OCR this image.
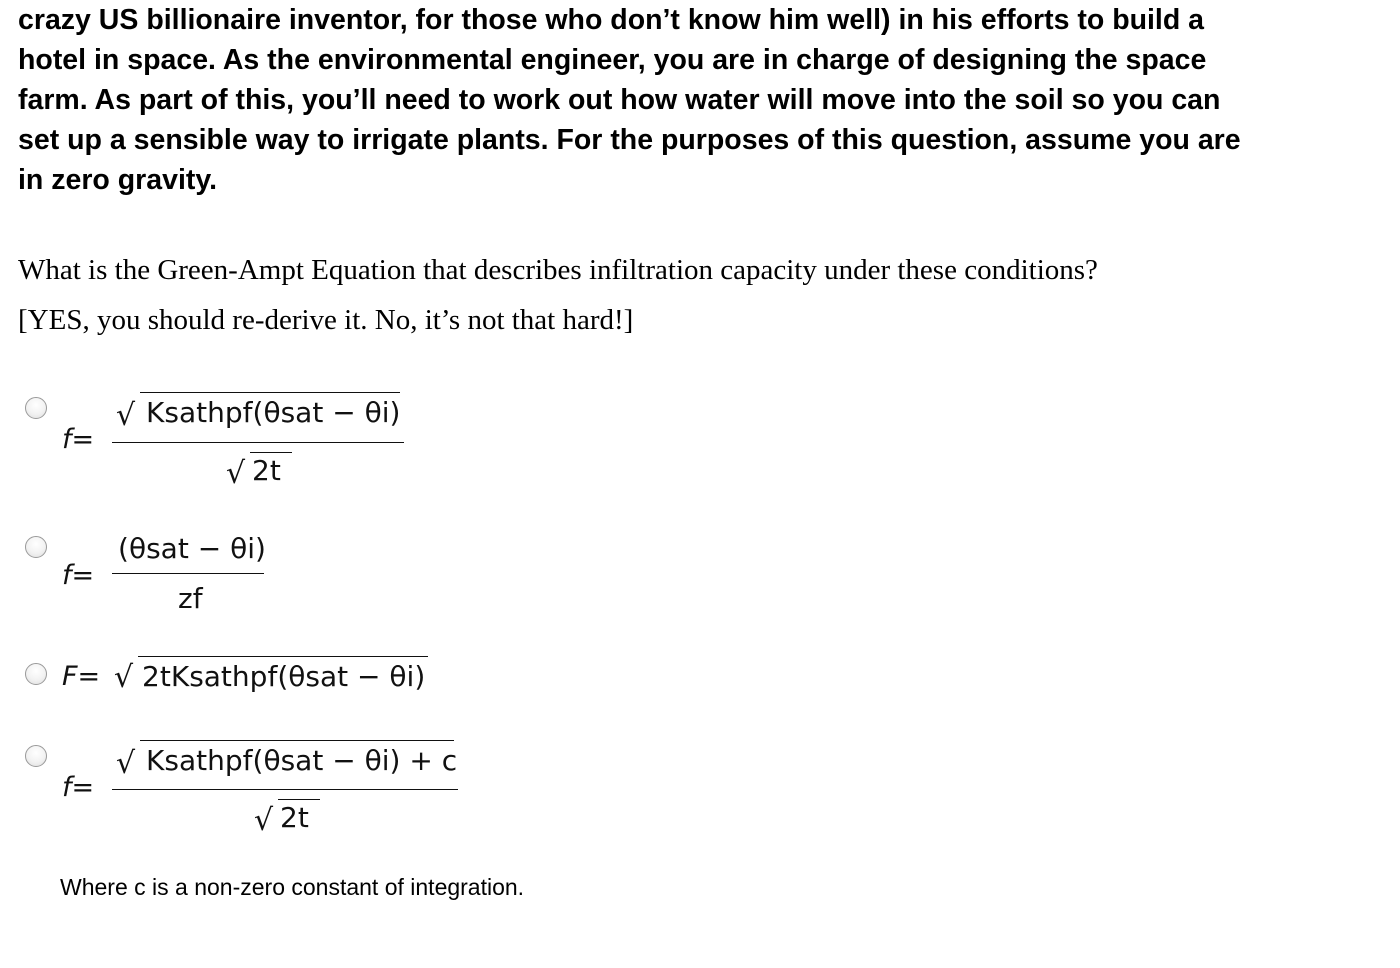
crazy US billionaire inventor, for those who don’t know him well) in his efforts to build a
hotel in space. As the environmental engineer, you are in charge of designing the space
farm. As part of this, you’ll need to work out how water will move into the soil so you can
set up a sensible way to irrigate plants. For the purposes of this question, assume you are
in zero gravity.

What is the Green-Ampt Equation that describes infiltration capacity under these conditions?

[YES, you should re-derive it. No, it’s not that hard!]

f=
√ Ksathpf(θsat − θi)
√ 2t
f=
(θsat − θi)
zf
F= √ 2tKsathpf(θsat − θi)
f=
√ Ksathpf(θsat − θi) + c
√ 2t

Where c is a non-zero constant of integration.
